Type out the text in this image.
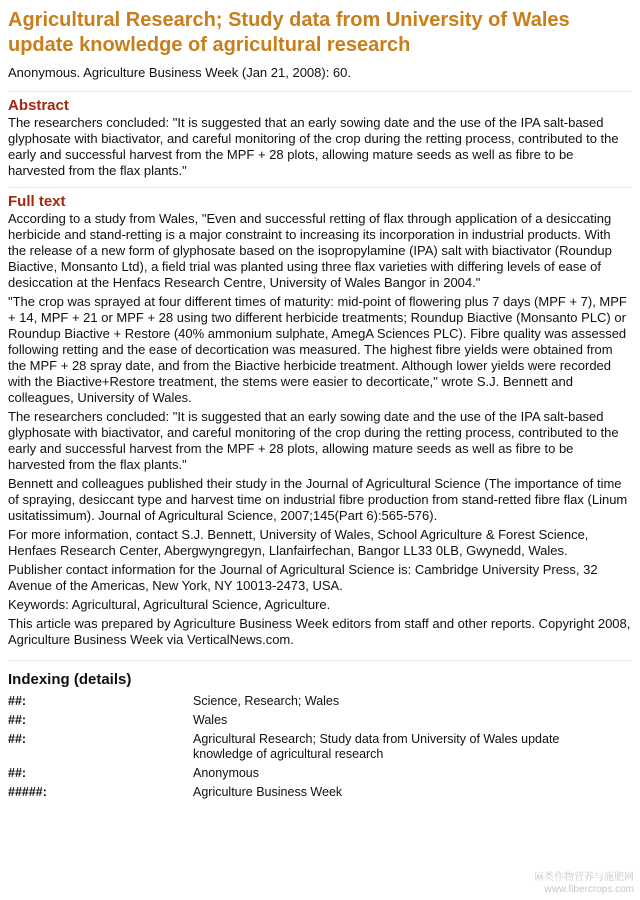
Agricultural Research; Study data from University of Wales update knowledge of agricultural research

Anonymous. Agriculture Business Week (Jan 21, 2008): 60.

Abstract

The researchers concluded: "It is suggested that an early sowing date and the use of the IPA salt-based glyphosate with biactivator, and careful monitoring of the crop during the retting process, contributed to the early and successful harvest from the MPF + 28 plots, allowing mature seeds as well as fibre to be harvested from the flax plants."

Full text

According to a study from Wales, "Even and successful retting of flax through application of a desiccating herbicide and stand-retting is a major constraint to increasing its incorporation in industrial products. With the release of a new form of glyphosate based on the isopropylamine (IPA) salt with biactivator (Roundup Biactive, Monsanto Ltd), a field trial was planted using three flax varieties with differing levels of ease of desiccation at the Henfacs Research Centre, University of Wales Bangor in 2004."

"The crop was sprayed at four different times of maturity: mid-point of flowering plus 7 days (MPF + 7), MPF + 14, MPF + 21 or MPF + 28 using two different herbicide treatments; Roundup Biactive (Monsanto PLC) or Roundup Biactive + Restore (40% ammonium sulphate, AmegA Sciences PLC). Fibre quality was assessed following retting and the ease of decortication was measured. The highest fibre yields were obtained from the MPF + 28 spray date, and from the Biactive herbicide treatment. Although lower yields were recorded with the Biactive+Restore treatment, the stems were easier to decorticate," wrote S.J. Bennett and colleagues, University of Wales.

The researchers concluded: "It is suggested that an early sowing date and the use of the IPA salt-based glyphosate with biactivator, and careful monitoring of the crop during the retting process, contributed to the early and successful harvest from the MPF + 28 plots, allowing mature seeds as well as fibre to be harvested from the flax plants."

Bennett and colleagues published their study in the Journal of Agricultural Science (The importance of time of spraying, desiccant type and harvest time on industrial fibre production from stand-retted fibre flax (Linum usitatissimum). Journal of Agricultural Science, 2007;145(Part 6):565-576).

For more information, contact S.J. Bennett, University of Wales, School Agriculture & Forest Science, Henfaes Research Center, Abergwyngregyn, Llanfairfechan, Bangor LL33 0LB, Gwynedd, Wales.

Publisher contact information for the Journal of Agricultural Science is: Cambridge University Press, 32 Avenue of the Americas, New York, NY 10013-2473, USA.

Keywords: Agricultural, Agricultural Science, Agriculture.

This article was prepared by Agriculture Business Week editors from staff and other reports. Copyright 2008, Agriculture Business Week via VerticalNews.com.

Indexing (details)
##:	Science, Research; Wales
##:	Wales
##:	Agricultural Research; Study data from University of Wales update knowledge of agricultural research
##:	Anonymous
#####:	Agriculture Business Week
麻类作物营养与施肥网
www.fibercrops.com
